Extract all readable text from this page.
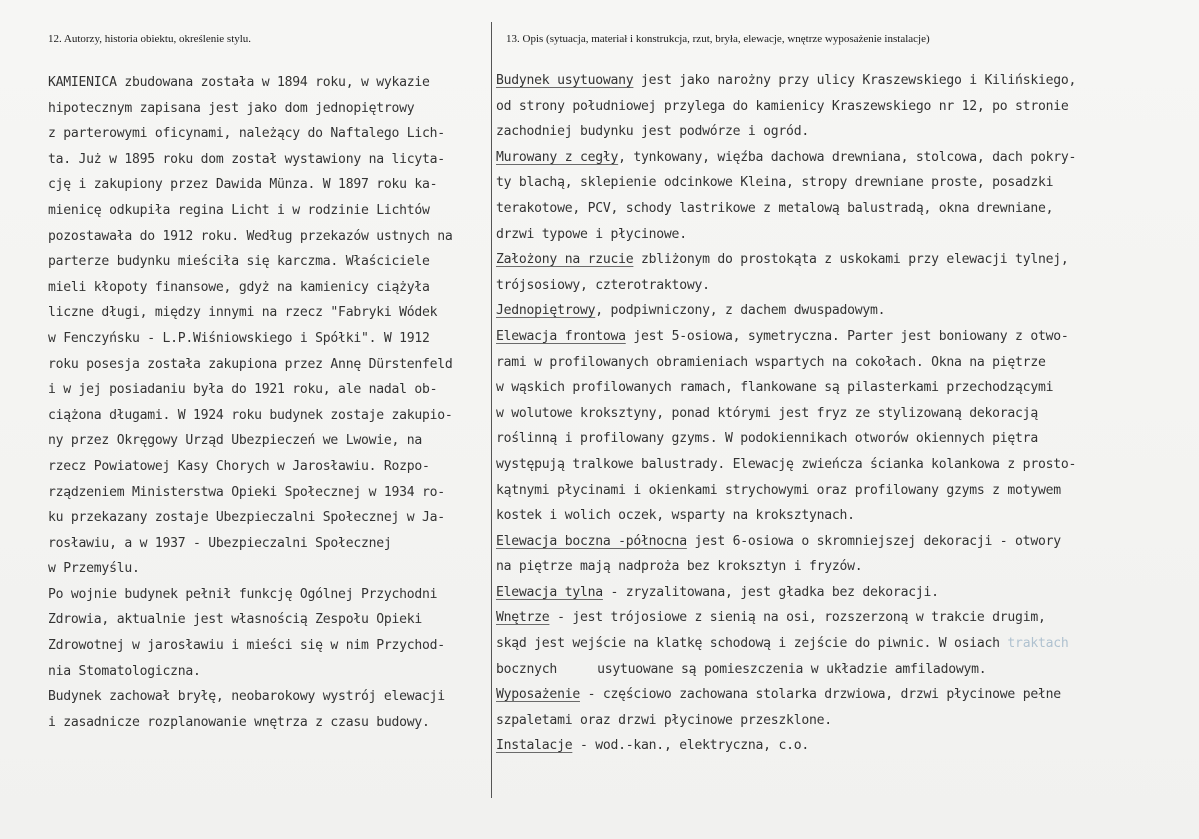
12. Autorzy, historia obiektu, określenie stylu.	13. Opis (sytuacja, materiał i konstrukcja, rzut, bryła, elewacje, wnętrze wyposażenie instalacje)
KAMIENICA zbudowana została w 1894 roku, w wykazie
hipotecznym zapisana jest jako dom jednopiętrowy
z parterowymi oficynami, należący do Naftalego Lich-
ta. Już w 1895 roku dom został wystawiony na licyta-
cję i zakupiony przez Dawida Münza. W 1897 roku ka-
mienicę odkupiła regina Licht i w rodzinie Lichtów
pozostawała do 1912 roku. Według przekazów ustnych na
parterze budynku mieściła się karczma. Właściciele
mieli kłopoty finansowe, gdyż na kamienicy ciążyła
liczne długi, między innymi na rzecz "Fabryki Wódek
w Fenczyńsku - L.P.Wiśniowskiego i Spółki". W 1912
roku posesja została zakupiona przez Annę Dürstenfeld
i w jej posiadaniu była do 1921 roku, ale nadal ob-
ciążona długami. W 1924 roku budynek zostaje zakupio-
ny przez Okręgowy Urząd Ubezpieczeń we Lwowie, na
rzecz Powiatowej Kasy Chorych w Jarosławiu. Rozpo-
rządzeniem Ministerstwa Opieki Społecznej w 1934 ro-
ku przekazany zostaje Ubezpieczalni Społecznej w Ja-
rosławiu, a w 1937 - Ubezpieczalni Społecznej
w Przemyślu.
Po wojnie budynek pełnił funkcję Ogólnej Przychodni
Zdrowia, aktualnie jest własnością Zespołu Opieki
Zdrowotnej w jarosławiu i mieści się w nim Przychod-
nia Stomatologiczna.
Budynek zachował bryłę, neobarokowy wystrój elewacji
i zasadnicze rozplanowanie wnętrza z czasu budowy.
Budynek usytuowany jest jako narożny przy ulicy Kraszewskiego i Kilińskiego,
od strony południowej przylega do kamienicy Kraszewskiego nr 12, po stronie
zachodniej budynku jest podwórze i ogród.
Murowany z cegły, tynkowany, więźba dachowa drewniana, stolcowa, dach pokry-
ty blachą, sklepienie odcinkowe Kleina, stropy drewniane proste, posadzki
terakotowe, PCV, schody lastrikowe z metalową balustradą, okna drewniane,
drzwi typowe i płycinowe.
Założony na rzucie zbliżonym do prostokąta z uskokami przy elewacji tylnej,
trójsosiowy, czterotraktowy.
Jednopiętrowy, podpiwniczony, z dachem dwuspadowym.
Elewacja frontowa jest 5-osiowa, symetryczna. Parter jest boniowany z otwo-
rami w profilowanych obramieniach wspartych na cokołach. Okna na piętrze
w wąskich profilowanych ramach, flankowane są pilasterkami przechodzącymi
w wolutowe kroksztyny, ponad którymi jest fryz ze stylizowaną dekoracją
roślinną i profilowany gzyms. W podokiennikach otworów okiennych piętra
występują tralkowe balustrady. Elewację zwieńcza ścianka kolankowa z prosto-
kątnymi płycinami i okienkami strychowymi oraz profilowany gzyms z motywem
kostek i wolich oczek, wsparty na kroksztynach.
Elewacja boczna -północna jest 6-osiowa o skromniejszej dekoracji - otwory
na piętrze mają nadproża bez kroksztyn i fryzów.
Elewacja tylna - zryzalitowana, jest gładka bez dekoracji.
Wnętrze - jest trójosiowe z sienią na osi, rozszerzoną w trakcie drugim,
skąd jest wejście na klatkę schodową i zejście do piwnic. W osiach traktach
bocznych	usytuowane są pomieszczenia w układzie amfiladowym.
Wyposażenie - częściowo zachowana stolarka drzwiowa, drzwi płycinowe pełne
szpaletami oraz drzwi płycinowe przeszklone.
Instalacje - wod.-kan., elektryczna, c.o.
